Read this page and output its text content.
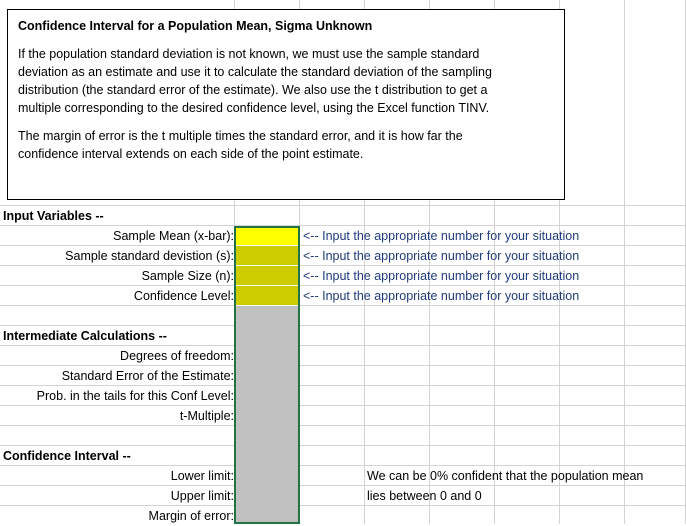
Confidence Interval for a Population Mean, Sigma Unknown

If the population standard deviation is not known, we must use the sample standard
deviation as an estimate and use it to calculate the standard deviation of the sampling
distribution (the standard error of the estimate). We also use the t distribution to get a
multiple corresponding to the desired confidence level, using the Excel function TINV.

The margin of error is the t multiple times the standard error, and it is how far the
confidence interval extends on each side of the point estimate.

Input Variables --
Intermediate Calculations --
Confidence Interval --
Sample Mean (x-bar):
Sample standard devistion (s):
Sample Size (n):
Confidence Level:
<-- Input the appropriate number for your situation
<-- Input the appropriate number for your situation
<-- Input the appropriate number for your situation
<-- Input the appropriate number for your situation
Degrees of freedom:
Standard Error of the Estimate:
Prob. in the tails for this Conf Level:
t-Multiple:
Lower limit:
Upper limit:
Margin of error:
We can be 0% confident that the population mean
lies between 0 and 0
